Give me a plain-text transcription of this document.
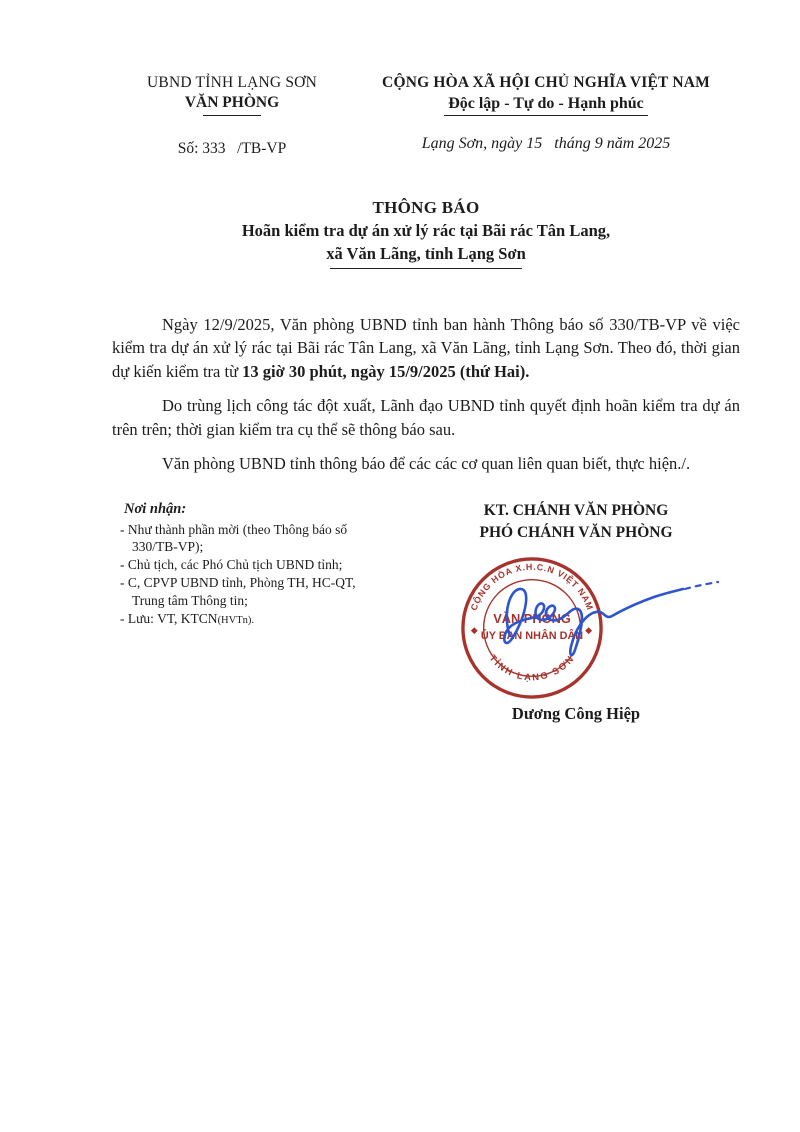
UBND TỈNH LẠNG SƠN
VĂN PHÒNG
Số: 333   /TB-VP
CỘNG HÒA XÃ HỘI CHỦ NGHĨA VIỆT NAM
Độc lập - Tự do - Hạnh phúc
Lạng Sơn, ngày 15   tháng 9 năm 2025
THÔNG BÁO
Hoãn kiểm tra dự án xử lý rác tại Bãi rác Tân Lang,
xã Văn Lãng, tỉnh Lạng Sơn

Ngày 12/9/2025, Văn phòng UBND tỉnh ban hành Thông báo số 330/TB-VP về việc kiểm tra dự án xử lý rác tại Bãi rác Tân Lang, xã Văn Lãng, tỉnh Lạng Sơn. Theo đó, thời gian dự kiến kiểm tra từ 13 giờ 30 phút, ngày 15/9/2025 (thứ Hai).

Do trùng lịch công tác đột xuất, Lãnh đạo UBND tỉnh quyết định hoãn kiểm tra dự án trên trên; thời gian kiểm tra cụ thể sẽ thông báo sau.

Văn phòng UBND tỉnh thông báo để các các cơ quan liên quan biết, thực hiện./.

Nơi nhận:
- Như thành phần mời (theo Thông báo số 330/TB-VP);
- Chủ tịch, các Phó Chủ tịch UBND tỉnh;
- C, CPVP UBND tỉnh, Phòng TH, HC-QT, Trung tâm Thông tin;
- Lưu: VT, KTCN(HVTn).
KT. CHÁNH VĂN PHÒNG
PHÓ CHÁNH VĂN PHÒNG
CỘNG HÒA X.H.C.N VIỆT NAM
TỈNH LẠNG SƠN
VĂN PHÒNG
ỦY BAN NHÂN DÂN
◆	◆
Dương Công Hiệp
